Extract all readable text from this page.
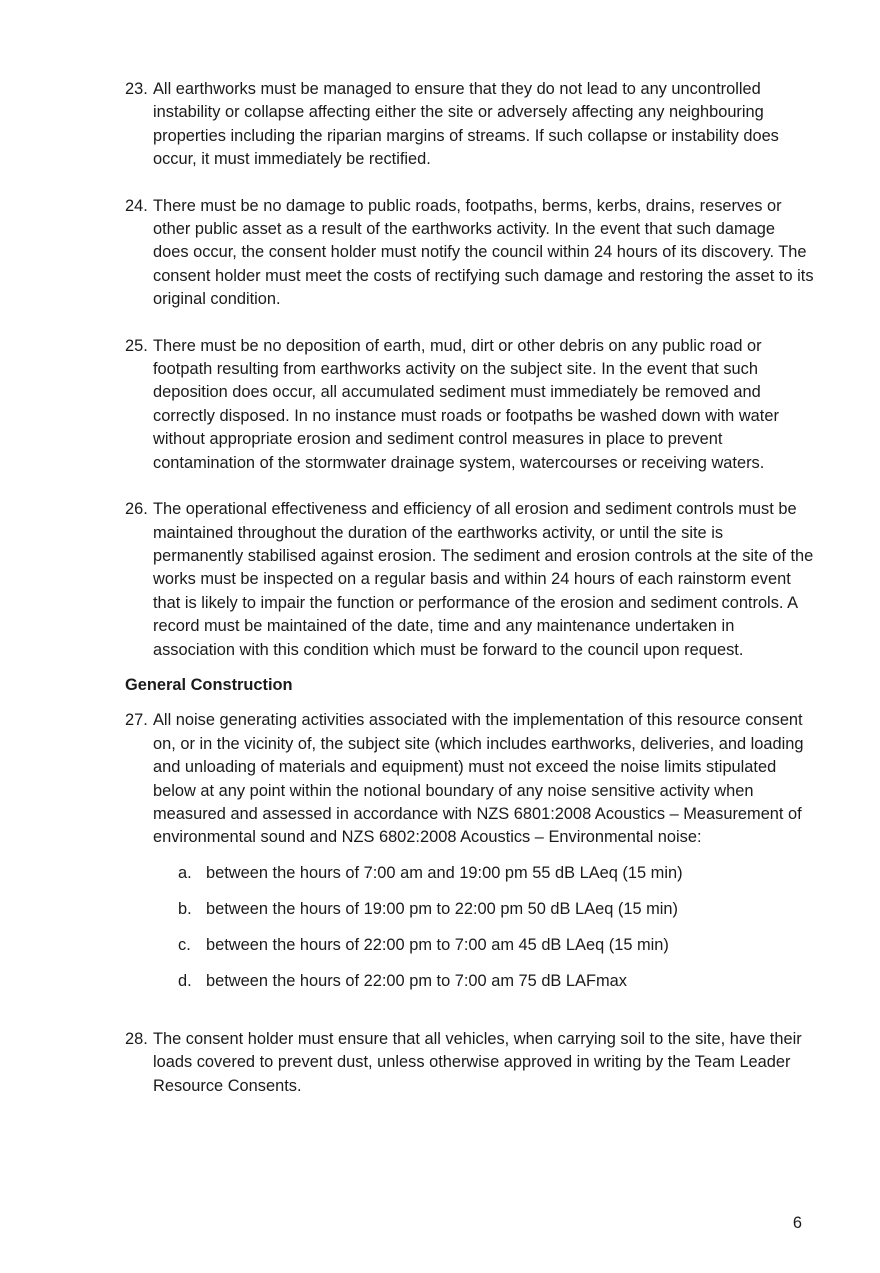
23. All earthworks must be managed to ensure that they do not lead to any uncontrolled instability or collapse affecting either the site or adversely affecting any neighbouring properties including the riparian margins of streams. If such collapse or instability does occur, it must immediately be rectified.
24. There must be no damage to public roads, footpaths, berms, kerbs, drains, reserves or other public asset as a result of the earthworks activity. In the event that such damage does occur, the consent holder must notify the council within 24 hours of its discovery. The consent holder must meet the costs of rectifying such damage and restoring the asset to its original condition.
25. There must be no deposition of earth, mud, dirt or other debris on any public road or footpath resulting from earthworks activity on the subject site. In the event that such deposition does occur, all accumulated sediment must immediately be removed and correctly disposed. In no instance must roads or footpaths be washed down with water without appropriate erosion and sediment control measures in place to prevent contamination of the stormwater drainage system, watercourses or receiving waters.
26. The operational effectiveness and efficiency of all erosion and sediment controls must be maintained throughout the duration of the earthworks activity, or until the site is permanently stabilised against erosion. The sediment and erosion controls at the site of the works must be inspected on a regular basis and within 24 hours of each rainstorm event that is likely to impair the function or performance of the erosion and sediment controls. A record must be maintained of the date, time and any maintenance undertaken in association with this condition which must be forward to the council upon request.
General Construction
27. All noise generating activities associated with the implementation of this resource consent on, or in the vicinity of, the subject site (which includes earthworks, deliveries, and loading and unloading of materials and equipment) must not exceed the noise limits stipulated below at any point within the notional boundary of any noise sensitive activity when measured and assessed in accordance with NZS 6801:2008 Acoustics – Measurement of environmental sound and NZS 6802:2008 Acoustics – Environmental noise:
a. between the hours of 7:00 am and 19:00 pm 55 dB LAeq (15 min)
b. between the hours of 19:00 pm to 22:00 pm 50 dB LAeq (15 min)
c. between the hours of 22:00 pm to 7:00 am 45 dB LAeq (15 min)
d. between the hours of 22:00 pm to 7:00 am 75 dB LAFmax
28. The consent holder must ensure that all vehicles, when carrying soil to the site, have their loads covered to prevent dust, unless otherwise approved in writing by the Team Leader Resource Consents.
6
